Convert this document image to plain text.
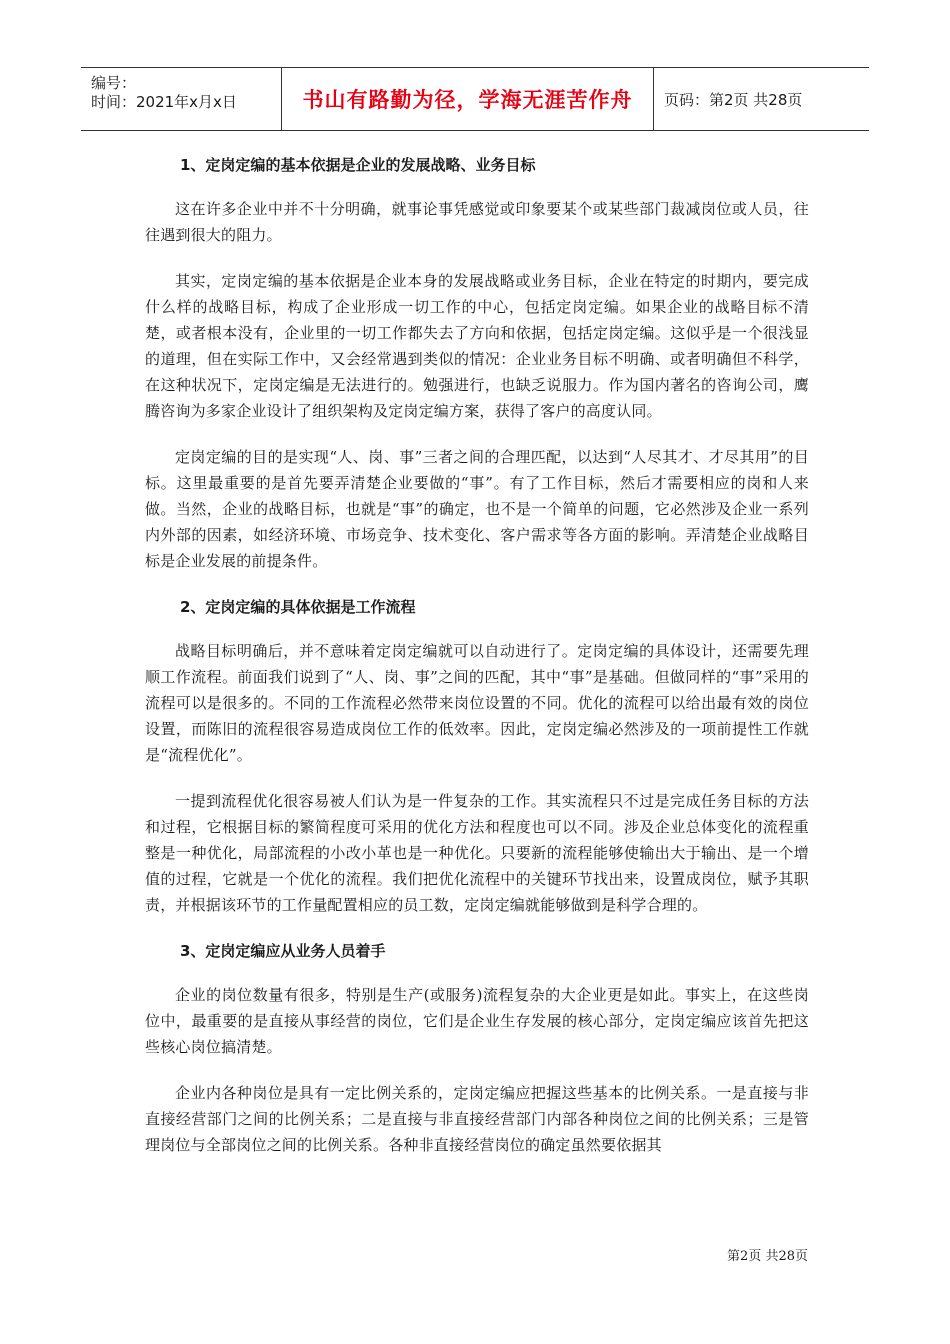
编号：
时间：2021年x月x日	书山有路勤为径，学海无涯苦作舟	页码：第2页 共28页
1、定岗定编的基本依据是企业的发展战略、业务目标

这在许多企业中并不十分明确，就事论事凭感觉或印象要某个或某些部门裁减岗位或人员，往往遇到很大的阻力。

其实，定岗定编的基本依据是企业本身的发展战略或业务目标，企业在特定的时期内，要完成什么样的战略目标，构成了企业形成一切工作的中心，包括定岗定编。如果企业的战略目标不清楚，或者根本没有，企业里的一切工作都失去了方向和依据，包括定岗定编。这似乎是一个很浅显的道理，但在实际工作中，又会经常遇到类似的情况：企业业务目标不明确、或者明确但不科学，在这种状况下，定岗定编是无法进行的。勉强进行，也缺乏说服力。作为国内著名的咨询公司，鹰腾咨询为多家企业设计了组织架构及定岗定编方案，获得了客户的高度认同。

定岗定编的目的是实现“人、岗、事”三者之间的合理匹配，以达到“人尽其才、才尽其用”的目标。这里最重要的是首先要弄清楚企业要做的“事”。有了工作目标，然后才需要相应的岗和人来做。当然，企业的战略目标，也就是“事”的确定，也不是一个简单的问题，它必然涉及企业一系列内外部的因素，如经济环境、市场竞争、技术变化、客户需求等各方面的影响。弄清楚企业战略目标是企业发展的前提条件。

2、定岗定编的具体依据是工作流程

战略目标明确后，并不意味着定岗定编就可以自动进行了。定岗定编的具体设计，还需要先理顺工作流程。前面我们说到了“人、岗、事”之间的匹配，其中“事”是基础。但做同样的“事”采用的流程可以是很多的。不同的工作流程必然带来岗位设置的不同。优化的流程可以给出最有效的岗位设置，而陈旧的流程很容易造成岗位工作的低效率。因此，定岗定编必然涉及的一项前提性工作就是“流程优化”。

一提到流程优化很容易被人们认为是一件复杂的工作。其实流程只不过是完成任务目标的方法和过程，它根据目标的繁简程度可采用的优化方法和程度也可以不同。涉及企业总体变化的流程重整是一种优化，局部流程的小改小革也是一种优化。只要新的流程能够使输出大于输出、是一个增值的过程，它就是一个优化的流程。我们把优化流程中的关键环节找出来，设置成岗位，赋予其职责，并根据该环节的工作量配置相应的员工数，定岗定编就能够做到是科学合理的。

3、定岗定编应从业务人员着手

企业的岗位数量有很多，特别是生产(或服务)流程复杂的大企业更是如此。事实上，在这些岗位中，最重要的是直接从事经营的岗位，它们是企业生存发展的核心部分，定岗定编应该首先把这些核心岗位搞清楚。

企业内各种岗位是具有一定比例关系的，定岗定编应把握这些基本的比例关系。一是直接与非直接经营部门之间的比例关系；二是直接与非直接经营部门内部各种岗位之间的比例关系；三是管理岗位与全部岗位之间的比例关系。各种非直接经营岗位的确定虽然要依据其

第2页 共28页
